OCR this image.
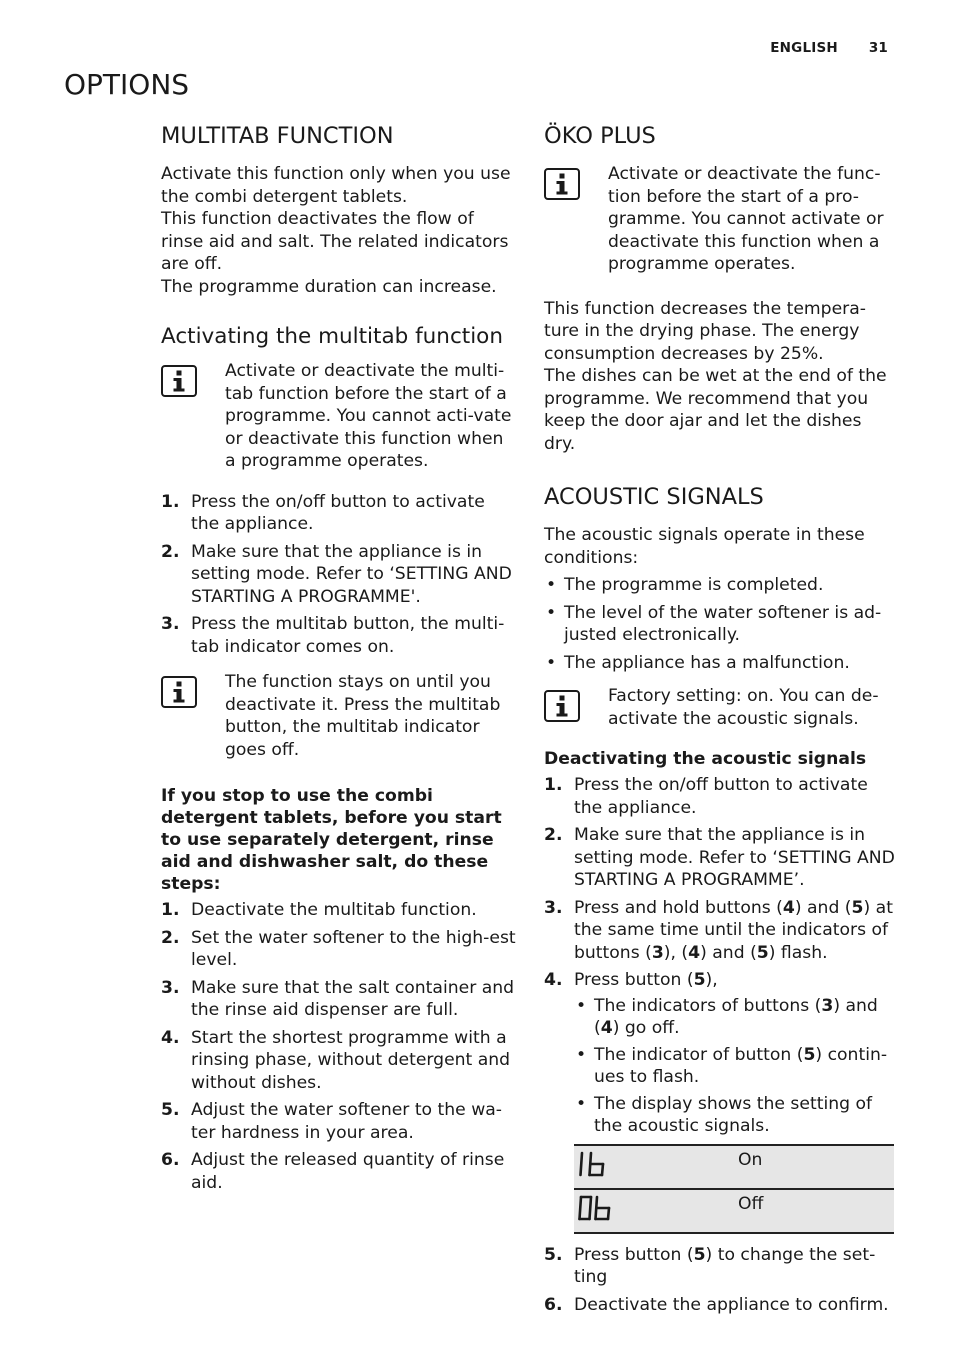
ENGLISH 31
OPTIONS
MULTITAB FUNCTION

Activate this function only when you use the combi detergent tablets.

This function deactivates the flow of rinse aid and salt. The related indicators are off.

The programme duration can increase.

Activating the multitab function

Activate or deactivate the multi-tab function before the start of a programme. You cannot acti-vate or deactivate this function when a programme operates.

1. Press the on/off button to activate the appliance.
2. Make sure that the appliance is in setting mode. Refer to ‘SETTING AND STARTING A PROGRAMME'.
3. Press the multitab button, the multi-tab indicator comes on.

The function stays on until you deactivate it. Press the multitab button, the multitab indicator goes off.

If you stop to use the combi detergent tablets, before you start to use separately detergent, rinse aid and dishwasher salt, do these steps:
1. Deactivate the multitab function.
2. Set the water softener to the high-est level.
3. Make sure that the salt container and the rinse aid dispenser are full.
4. Start the shortest programme with a rinsing phase, without detergent and without dishes.
5. Adjust the water softener to the wa-ter hardness in your area.
6. Adjust the released quantity of rinse aid.
ÖKO PLUS

Activate or deactivate the func-tion before the start of a pro-gramme. You cannot activate or deactivate this function when a programme operates.

This function decreases the tempera-ture in the drying phase. The energy consumption decreases by 25%.

The dishes can be wet at the end of the programme. We recommend that you keep the door ajar and let the dishes dry.

ACOUSTIC SIGNALS

The acoustic signals operate in these conditions:

• The programme is completed.
• The level of the water softener is ad-justed electronically.
• The appliance has a malfunction.

Factory setting: on. You can de-activate the acoustic signals.

Deactivating the acoustic signals
1. Press the on/off button to activate the appliance.
2. Make sure that the appliance is in setting mode. Refer to ‘SETTING AND STARTING A PROGRAMME’.
3. Press and hold buttons (4) and (5) at the same time until the indicators of buttons (3), (4) and (5) flash.
4. Press button (5),
• The indicators of buttons (3) and (4) go off.
• The indicator of button (5) contin-ues to flash.
• The display shows the setting of the acoustic signals.
	On
	Off
5. Press button (5) to change the set-ting
6. Deactivate the appliance to confirm.
